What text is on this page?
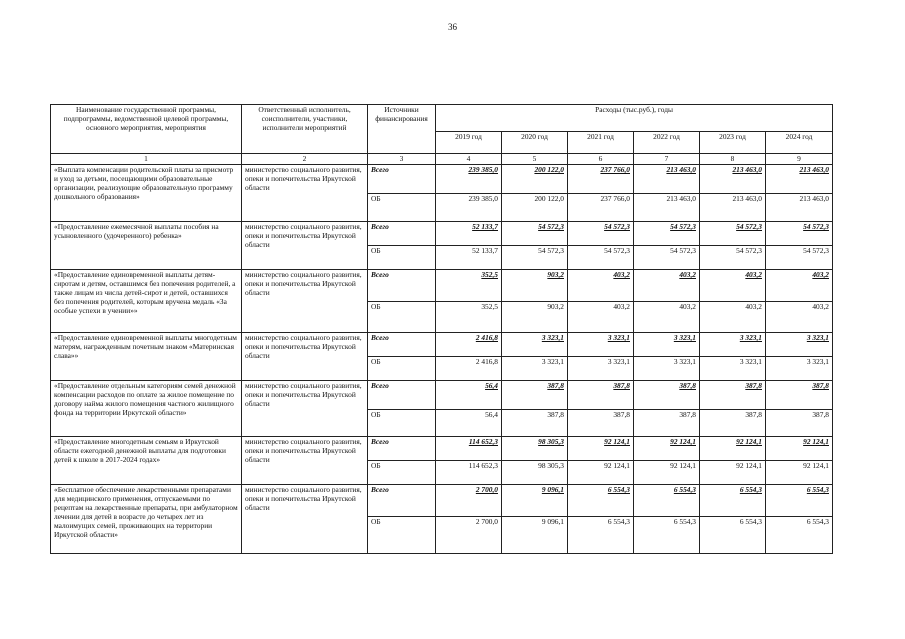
36
Наименование государственной программы, подпрограммы, ведомственной целевой программы, основного мероприятия, мероприятия	Ответственный исполнитель, соисполнители, участники, исполнители мероприятий	Источники финансирования	Расходы (тыс.руб.), годы					
			2019 год	2020 год	2021 год	2022 год	2023 год	2024 год
1	2	3	4	5	6	7	8	9
«Выплата компенсации родительской платы за присмотр и уход за детьми, посещающими образовательные организации, реализующие образовательную программу дошкольного образования»	министерство социального развития, опеки и попечительства Иркутской области	Всего	239 385,0	200 122,0	237 766,0	213 463,0	213 463,0	213 463,0
		ОБ	239 385,0	200 122,0	237 766,0	213 463,0	213 463,0	213 463,0
«Предоставление ежемесячной выплаты пособия на усыновленного (удочеренного) ребенка»	министерство социального развития, опеки и попечительства Иркутской области	Всего	52 133,7	54 572,3	54 572,3	54 572,3	54 572,3	54 572,3
		ОБ	52 133,7	54 572,3	54 572,3	54 572,3	54 572,3	54 572,3
«Предоставление единовременной выплаты детям-сиротам и детям, оставшимся без попечения родителей, а также лицам из числа детей-сирот и детей, оставшихся без попечения родителей, которым вручена медаль «За особые успехи в учении»»	министерство социального развития, опеки и попечительства Иркутской области	Всего	352,5	903,2	403,2	403,2	403,2	403,2
		ОБ	352,5	903,2	403,2	403,2	403,2	403,2
«Предоставление единовременной выплаты многодетным матерям, награжденным почетным знаком «Материнская слава»»	министерство социального развития, опеки и попечительства Иркутской области	Всего	2 416,8	3 323,1	3 323,1	3 323,1	3 323,1	3 323,1
		ОБ	2 416,8	3 323,1	3 323,1	3 323,1	3 323,1	3 323,1
«Предоставление отдельным категориям семей денежной компенсации расходов по оплате за жилое помещение по договору найма жилого помещения частного жилищного фонда на территории Иркутской области»	министерство социального развития, опеки и попечительства Иркутской области	Всего	56,4	387,8	387,8	387,8	387,8	387,8
		ОБ	56,4	387,8	387,8	387,8	387,8	387,8
«Предоставление многодетным семьям в Иркутской области ежегодной денежной выплаты для подготовки детей к школе в 2017-2024 годах»	министерство социального развития, опеки и попечительства Иркутской области	Всего	114 652,3	98 305,3	92 124,1	92 124,1	92 124,1	92 124,1
		ОБ	114 652,3	98 305,3	92 124,1	92 124,1	92 124,1	92 124,1
«Бесплатное обеспечение лекарственными препаратами для медицинского применения, отпускаемыми по рецептам на лекарственные препараты, при амбулаторном лечении для детей в возрасте до четырех лет из малоимущих семей, проживающих на территории Иркутской области»	министерство социального развития, опеки и попечительства Иркутской области	Всего	2 700,0	9 096,1	6 554,3	6 554,3	6 554,3	6 554,3
		ОБ	2 700,0	9 096,1	6 554,3	6 554,3	6 554,3	6 554,3
